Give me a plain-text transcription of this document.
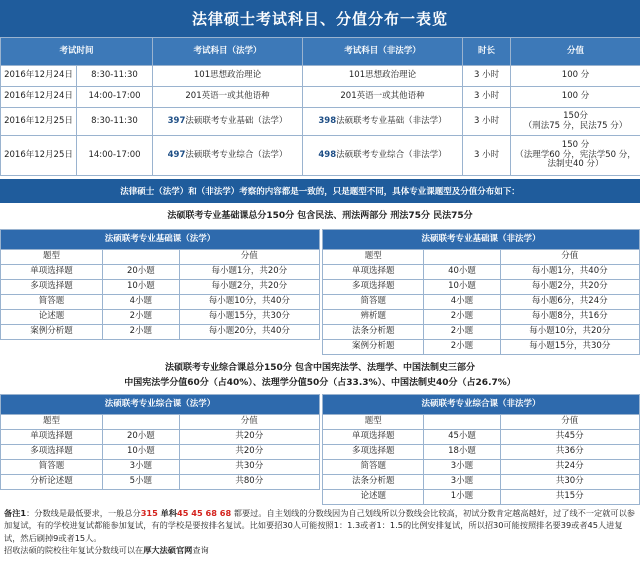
法律硕士考试科目、分值分布一表览
考试时间		考试科目（法学）	考试科目（非法学）	时长	分值
2016年12月24日	8:30-11:30	101思想政治理论	101思想政治理论	3 小时	100 分
2016年12月24日	14:00-17:00	201英语一或其他语种	201英语一或其他语种	3 小时	100 分
2016年12月25日	8:30-11:30	397法硕联考专业基础（法学）	398法硕联考专业基础（非法学）	3 小时	150分
（刑法75 分，民法75 分）
2016年12月25日	14:00-17:00	497法硕联考专业综合（法学）	498法硕联考专业综合（非法学）	3 小时	150 分
（法理学60 分，宪法学50 分，
法制史40 分）
法律硕士（法学）和（非法学）考察的内容都是一致的，只是题型不同，具体专业课题型及分值分布如下：
法硕联考专业基础课总分150分 包含民法、刑法两部分 刑法75分 民法75分
法硕联考专业基础课（法学）		
题型		分值
单项选择题	20小题	每小题1分，共20分
多项选择题	10小题	每小题2分，共20分
简答题	4小题	每小题10分，共40分
论述题	2小题	每小题15分，共30分
案例分析题	2小题	每小题20分，共40分
法硕联考专业基础课（非法学）		
题型		分值
单项选择题	40小题	每小题1分，共40分
多项选择题	10小题	每小题2分，共20分
简答题	4小题	每小题6分，共24分
辨析题	2小题	每小题8分，共16分
法条分析题	2小题	每小题10分，共20分
案例分析题	2小题	每小题15分，共30分
法硕联考专业综合课总分150分 包含中国宪法学、法理学、中国法制史三部分
中国宪法学分值60分（占40%）、法理学分值50分（占33.3%）、中国法制史40分（占26.7%）
法硕联考专业综合课（法学）		
题型		分值
单项选择题	20小题	共20分
多项选择题	10小题	共20分
简答题	3小题	共30分
分析论述题	5小题	共80分
法硕联考专业综合课（非法学）		
题型		分值
单项选择题	45小题	共45分
多项选择题	18小题	共36分
简答题	3小题	共24分
法条分析题	3小题	共30分
论述题	1小题	共15分
备注1：分数线是最低要求，一般总分315 单科45 45 68 68 都要过。自主划线的分数线因为自己划线所以分数线会比较高，初试分数肯定越高越好，过了线不一定就可以参加复试，有的学校进复试都能参加复试，有的学校是要按排名复试。比如要招30人可能按照1：1.3或者1：1.5的比例安排复试，所以招30可能按照排名要39或者45人进复试，然后刷掉9或者15人。
招收法硕的院校往年复试分数线可以在厚大法硕官网查询
